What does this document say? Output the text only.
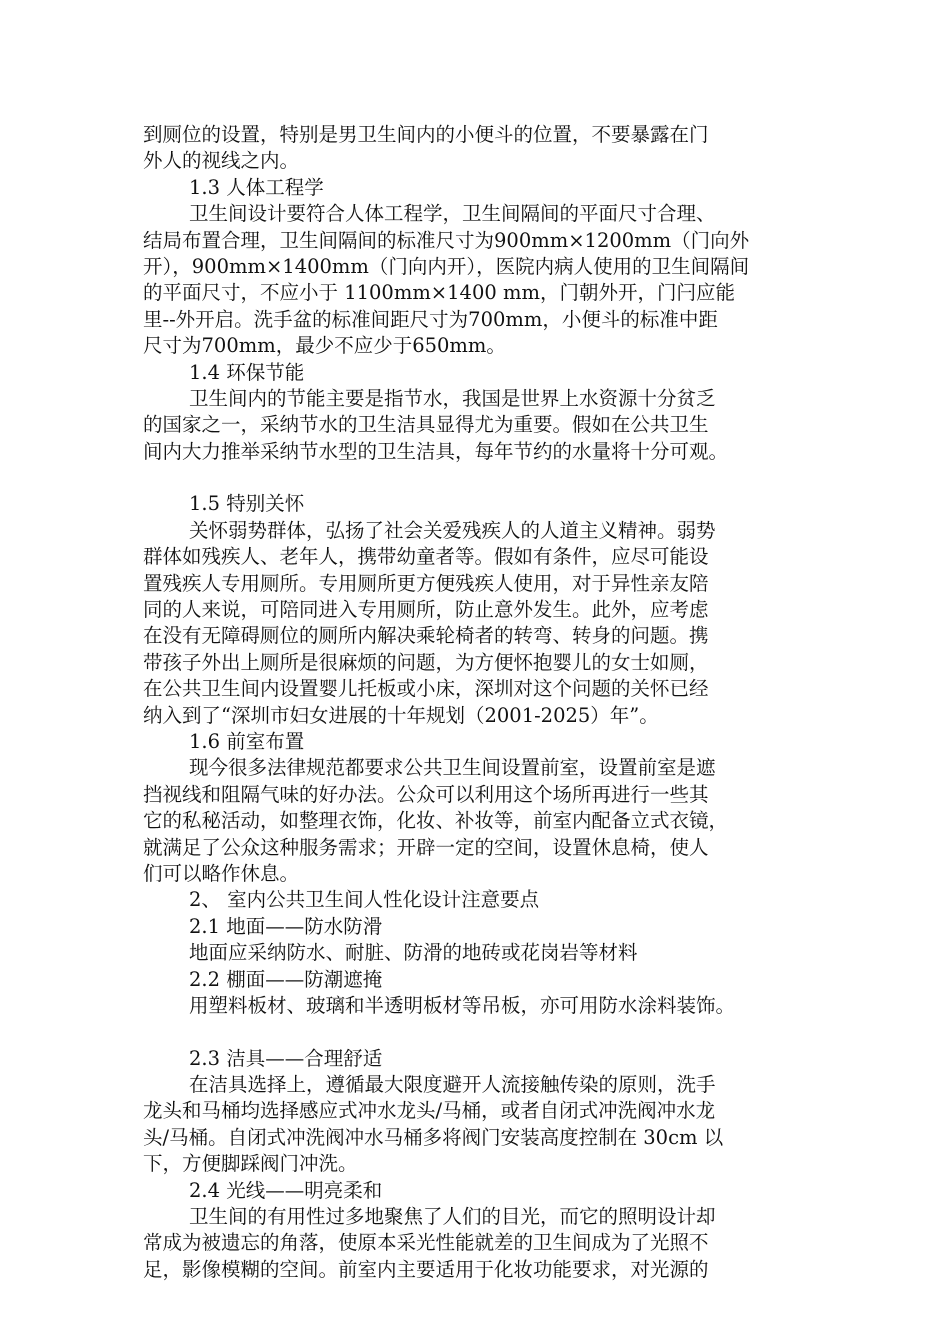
到厕位的设置，特别是男卫生间内的小便斗的位置，不要暴露在门
外人的视线之内。
1.3 人体工程学
卫生间设计要符合人体工程学，卫生间隔间的平面尺寸合理、
结局布置合理，卫生间隔间的标准尺寸为900mm×1200mm（门向外
开），900mm×1400mm（门向内开），医院内病人使用的卫生间隔间
的平面尺寸，不应小于 1100mm×1400 mm，门朝外开，门闩应能
里--外开启。洗手盆的标准间距尺寸为700mm，小便斗的标准中距
尺寸为700mm，最少不应少于650mm。
1.4 环保节能
卫生间内的节能主要是指节水，我国是世界上水资源十分贫乏
的国家之一，采纳节水的卫生洁具显得尤为重要。假如在公共卫生
间内大力推举采纳节水型的卫生洁具，每年节约的水量将十分可观。
1.5 特别关怀
关怀弱势群体，弘扬了社会关爱残疾人的人道主义精神。弱势
群体如残疾人、老年人，携带幼童者等。假如有条件，应尽可能设
置残疾人专用厕所。专用厕所更方便残疾人使用，对于异性亲友陪
同的人来说，可陪同进入专用厕所，防止意外发生。此外，应考虑
在没有无障碍厕位的厕所内解决乘轮椅者的转弯、转身的问题。携
带孩子外出上厕所是很麻烦的问题，为方便怀抱婴儿的女士如厕，
在公共卫生间内设置婴儿托板或小床，深圳对这个问题的关怀已经
纳入到了“深圳市妇女进展的十年规划（2001-2025）年”。
1.6 前室布置
现今很多法律规范都要求公共卫生间设置前室，设置前室是遮
挡视线和阻隔气味的好办法。公众可以利用这个场所再进行一些其
它的私秘活动，如整理衣饰，化妆、补妆等，前室内配备立式衣镜，
就满足了公众这种服务需求；开辟一定的空间，设置休息椅，使人
们可以略作休息。
2、 室内公共卫生间人性化设计注意要点
2.1 地面——防水防滑
地面应采纳防水、耐脏、防滑的地砖或花岗岩等材料
2.2 棚面——防潮遮掩
用塑料板材、玻璃和半透明板材等吊板，亦可用防水涂料装饰。
2.3 洁具——合理舒适
在洁具选择上，遵循最大限度避开人流接触传染的原则，洗手
龙头和马桶均选择感应式冲水龙头/马桶，或者自闭式冲洗阀冲水龙
头/马桶。自闭式冲洗阀冲水马桶多将阀门安装高度控制在 30cm 以
下，方便脚踩阀门冲洗。
2.4 光线——明亮柔和
卫生间的有用性过多地聚焦了人们的目光，而它的照明设计却
常成为被遗忘的角落，使原本采光性能就差的卫生间成为了光照不
足，影像模糊的空间。前室内主要适用于化妆功能要求，对光源的
